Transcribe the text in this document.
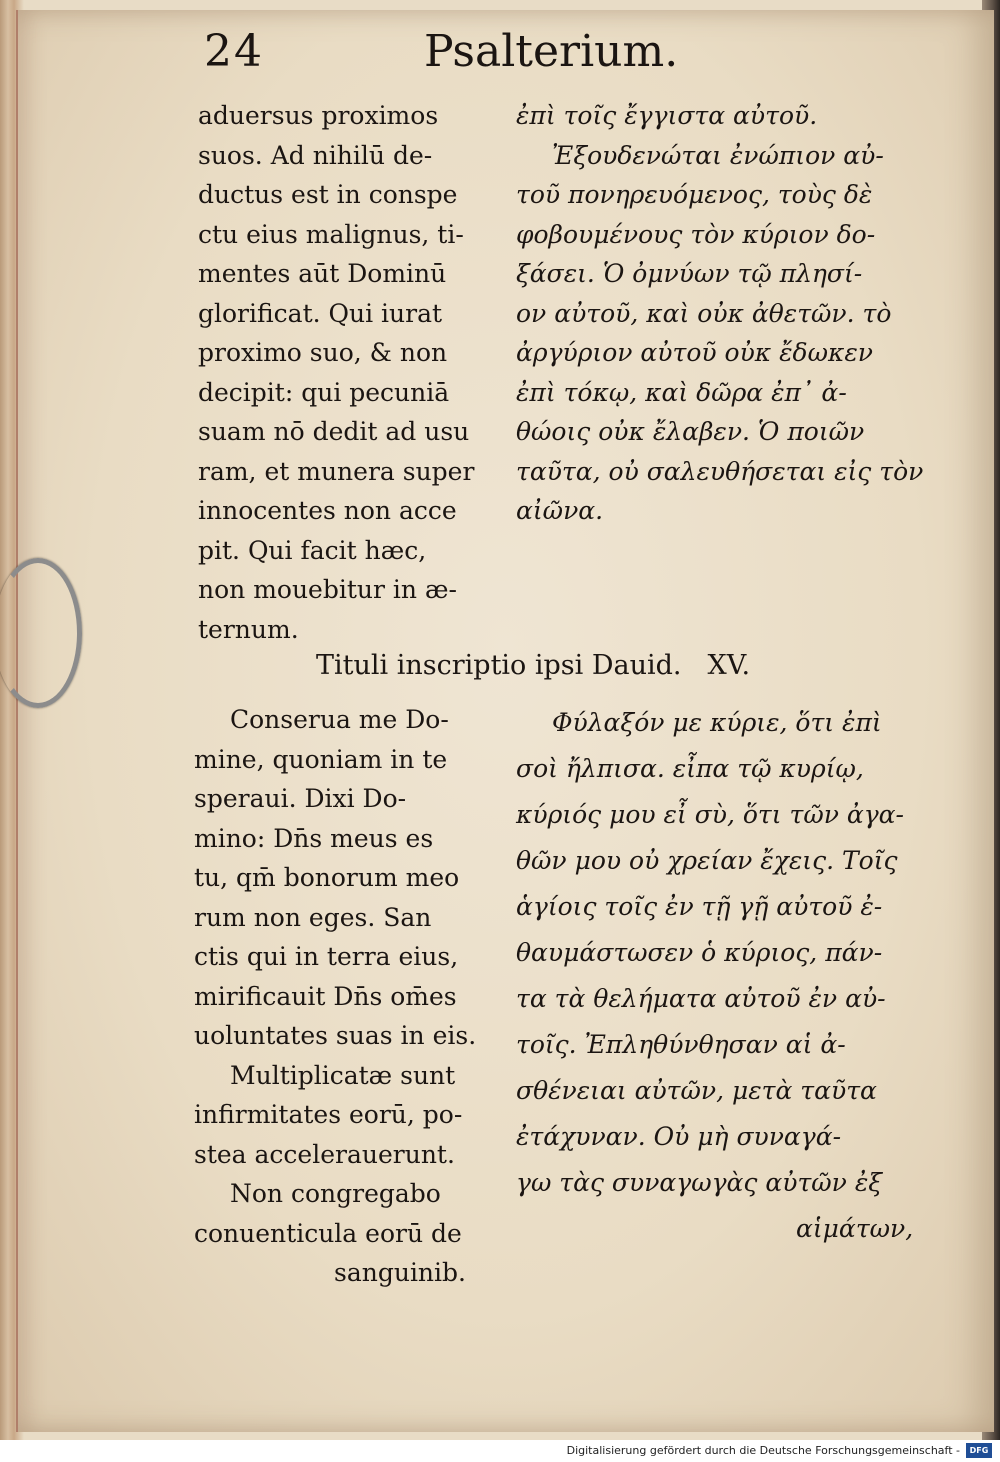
24	Psalterium.
aduersus proximos
suos. Ad nihilū de-
ductus est in conspe
ctu eius malignus, ti-
mentes aūt Dominū
glorificat. Qui iurat
proximo suo, & non
decipit: qui pecuniā
suam nō dedit ad usu
ram, et munera super
innocentes non acce
pit. Qui facit hæc,
non mouebitur in æ-
ternum.
ἐπὶ τοῖς ἔγγιστα αὐτοῦ.
Ἐξουδενώται ἐνώπιον αὐ-
τοῦ πονηρευόμενος, τοὺς δὲ
φοβουμένους τὸν κύριον δο-
ξάσει. Ὁ ὀμνύων τῷ πλησί-
ον αὐτοῦ, καὶ οὐκ ἀθετῶν. τὸ
ἀργύριον αὐτοῦ οὐκ ἔδωκεν
ἐπὶ τόκῳ, καὶ δῶρα ἐπ᾿ ἀ-
θώοις οὐκ ἔλαβεν. Ὁ ποιῶν
ταῦτα, οὐ σαλευθήσεται εἰς τὸν
αἰῶνα.
Tituli inscriptio ipsi Dauid. XV.
Conserua me Do-
mine, quoniam in te
speraui. Dixi Do-
mino: Dn̄s meus es
tu, qm̄ bonorum meo
rum non eges. San
ctis qui in terra eius,
mirificauit Dn̄s om̄es
uoluntates suas in eis.
Multiplicatæ sunt
infirmitates eorū, po-
stea accelerauerunt.
Non congregabo
conuenticula eorū de
sanguinib.
Φύλαξόν με κύριε, ὅτι ἐπὶ
σοὶ ἤλπισα. εἶπα τῷ κυρίῳ,
κύριός μου εἶ σὺ, ὅτι τῶν ἀγα-
θῶν μου οὐ χρείαν ἔχεις. Τοῖς
ἁγίοις τοῖς ἐν τῇ γῇ αὐτοῦ ἐ-
θαυμάστωσεν ὁ κύριος, πάν-
τα τὰ θελήματα αὐτοῦ ἐν αὐ-
τοῖς. Ἐπληθύνθησαν αἱ ἀ-
σθένειαι αὐτῶν, μετὰ ταῦτα
ἐτάχυναν. Οὐ μὴ συναγά-
γω τὰς συναγωγὰς αὐτῶν ἐξ
αἱμάτων,
Digitalisierung gefördert durch die Deutsche Forschungsgemeinschaft -	DFG
